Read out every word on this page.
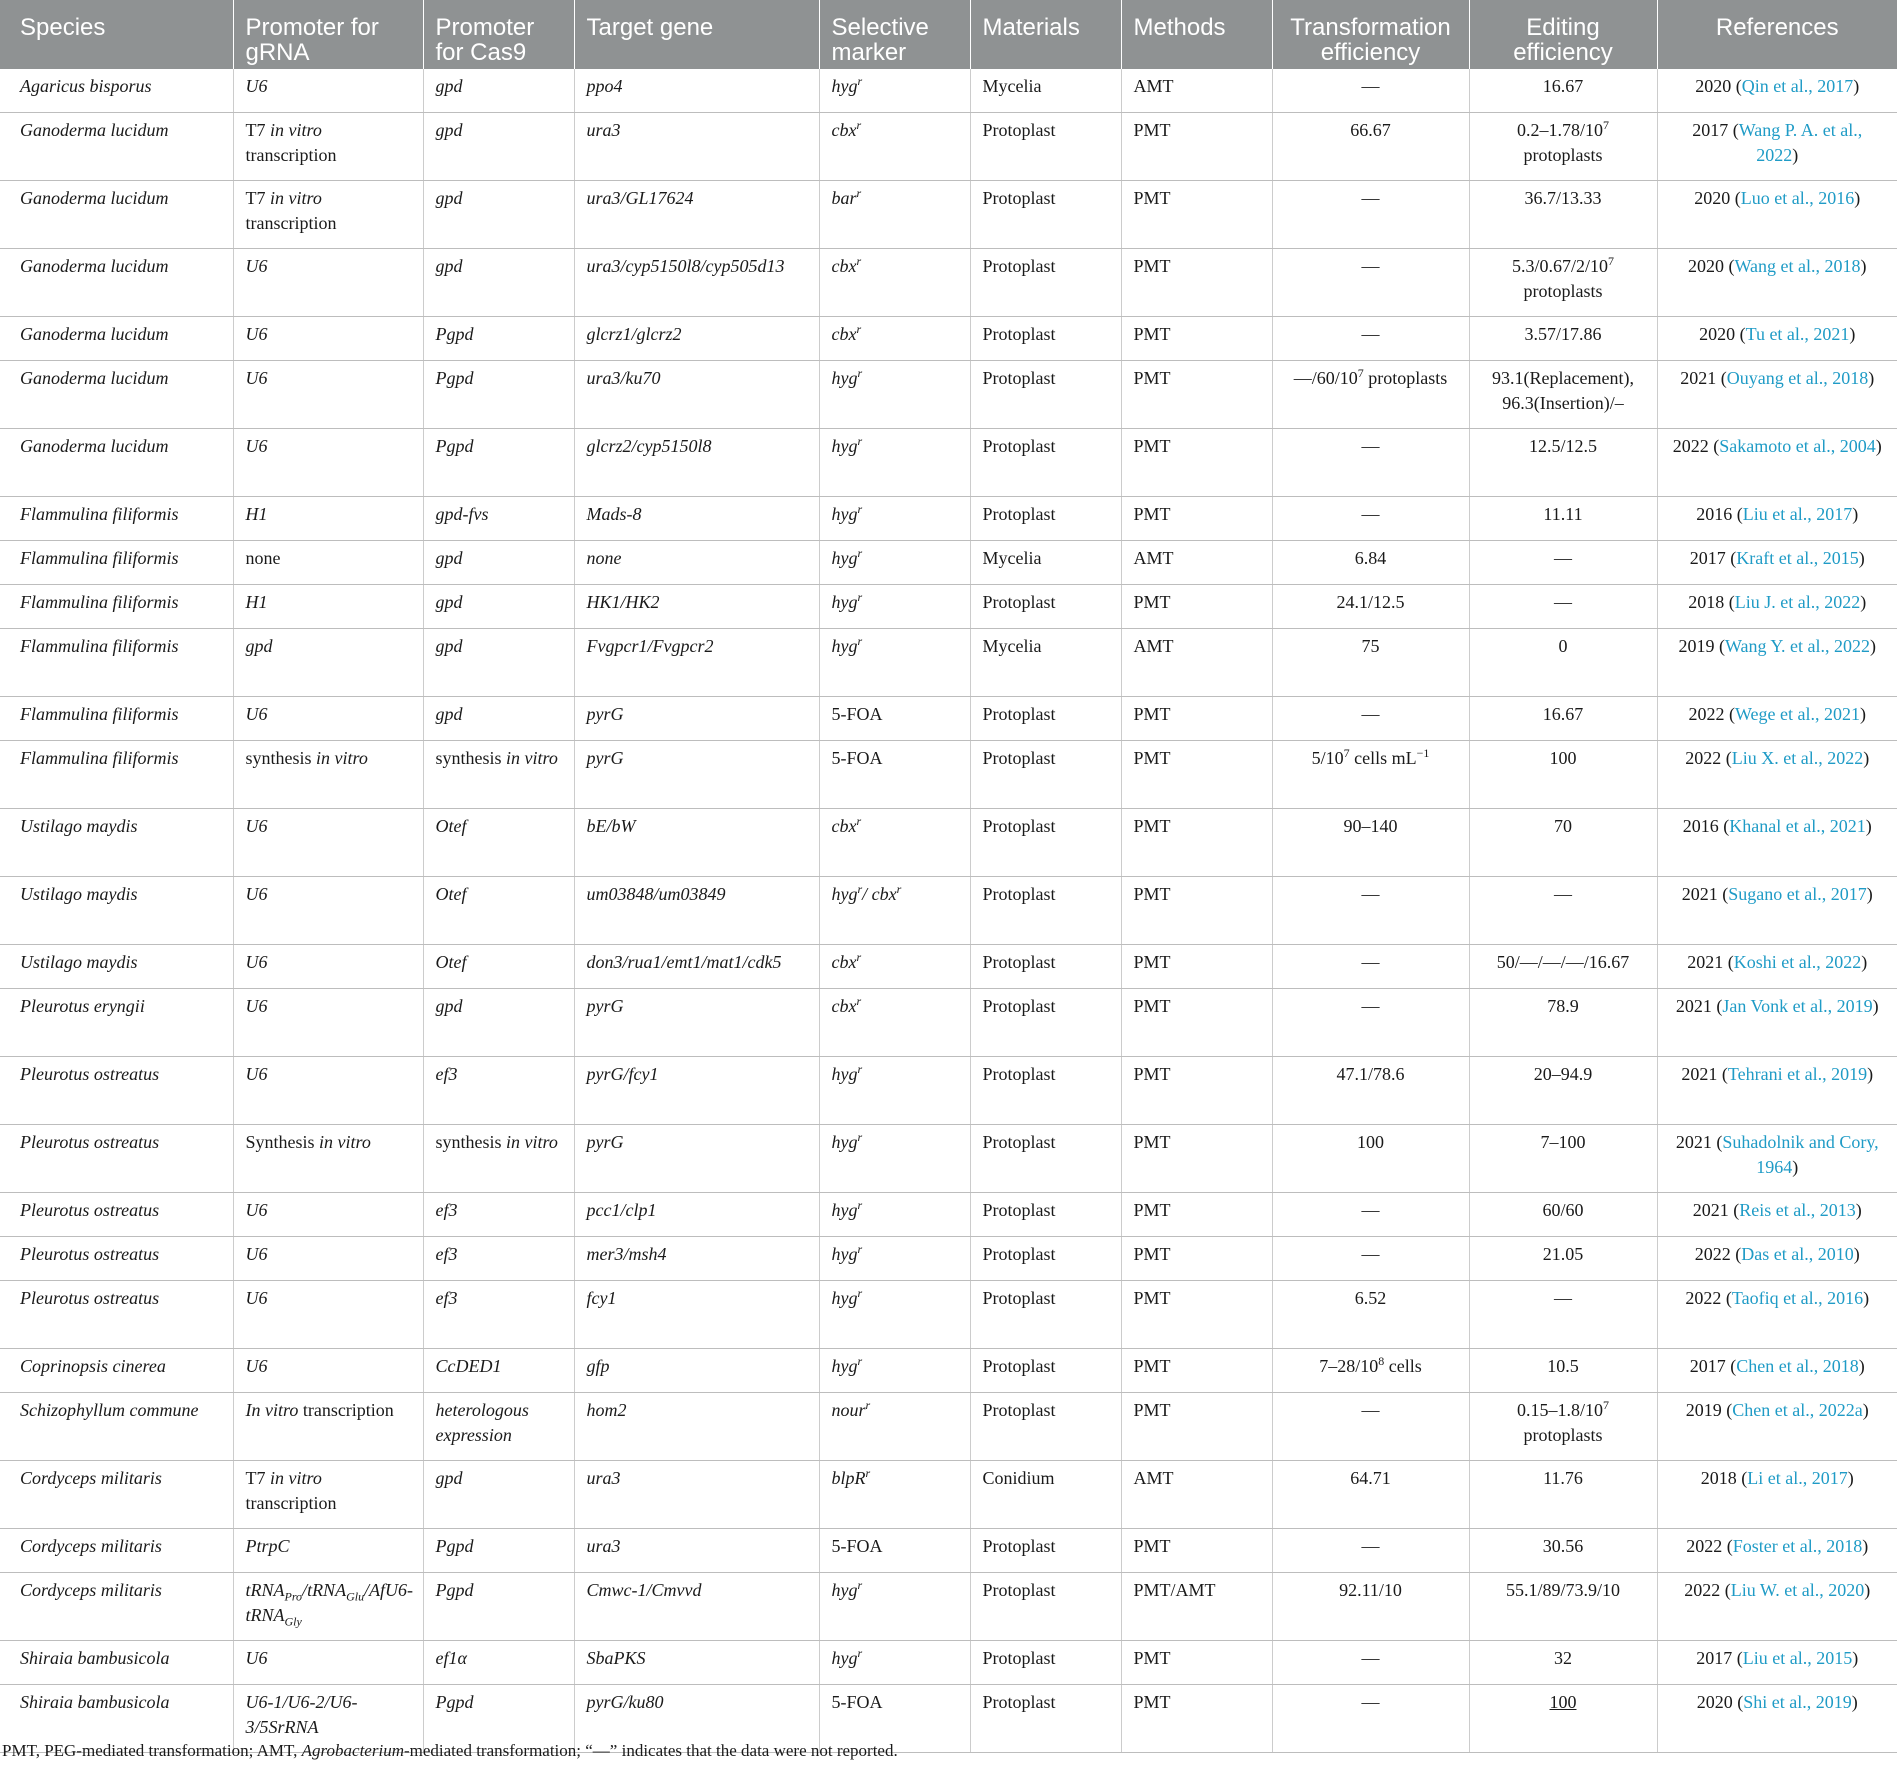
Species	Promoter for gRNA	Promoter for Cas9	Target gene	Selective marker	Materials	Methods	Transformation efficiency	Editing efficiency	References
Agaricus bisporus	U6	gpd	ppo4	hyg$^r$	Mycelia	AMT	—	16.67	2020 (Qin et al., 2017)
Ganoderma lucidum	T7 in vitro transcription	gpd	ura3	cbx$^r$	Protoplast	PMT	66.67	$0.2-1.78/10^7$ protoplasts	2017 (Wang P. A. et al., 2022)
Ganoderma lucidum	T7 in vitro transcription	gpd	ura3/GL17624	bar$^r$	Protoplast	PMT	—	36.7/13.33	2020 (Luo et al., 2016)
Ganoderma lucidum	U6	gpd	ura3/cyp5150l8/cyp505d13	cbx$^r$	Protoplast	PMT	—	$5.3/0.67/2/10^7$ protoplasts	2020 (Wang et al., 2018)
Ganoderma lucidum	U6	Pgpd	glcrz1/glcrz2	cbx$^r$	Protoplast	PMT	—	3.57/17.86	2020 (Tu et al., 2021)
Ganoderma lucidum	U6	Pgpd	ura3/ku70	hyg$^r$	Protoplast	PMT	$—/60/10^7$ protoplasts	93.1(Replacement), 96.3(Insertion)/–	2021 (Ouyang et al., 2018)
Ganoderma lucidum	U6	Pgpd	glcrz2/cyp5150l8	hyg$^r$	Protoplast	PMT	—	12.5/12.5	2022 (Sakamoto et al., 2004)
Flammulina filiformis	H1	gpd-fvs	Mads-8	hyg$^r$	Protoplast	PMT	—	11.11	2016 (Liu et al., 2017)
Flammulina filiformis	none	gpd	none	hyg$^r$	Mycelia	AMT	6.84	—	2017 (Kraft et al., 2015)
Flammulina filiformis	H1	gpd	HK1/HK2	hyg$^r$	Protoplast	PMT	24.1/12.5	—	2018 (Liu J. et al., 2022)
Flammulina filiformis	gpd	gpd	Fvgpcr1/Fvgpcr2	hyg$^r$	Mycelia	AMT	75	0	2019 (Wang Y. et al., 2022)
Flammulina filiformis	U6	gpd	pyrG	5-FOA	Protoplast	PMT	—	16.67	2022 (Wege et al., 2021)
Flammulina filiformis	synthesis in vitro	synthesis in vitro	pyrG	5-FOA	Protoplast	PMT	$5/10^7$ cells $mL^{-1}$	100	2022 (Liu X. et al., 2022)
Ustilago maydis	U6	Otef	bE/bW	cbx$^r$	Protoplast	PMT	90–140	70	2016 (Khanal et al., 2021)
Ustilago maydis	U6	Otef	um03848/um03849	hyg$^r$/ cbx$^r$	Protoplast	PMT	—	—	2021 (Sugano et al., 2017)
Ustilago maydis	U6	Otef	don3/rua1/emt1/mat1/cdk5	cbx$^r$	Protoplast	PMT	—	50/—/—/—/16.67	2021 (Koshi et al., 2022)
Pleurotus eryngii	U6	gpd	pyrG	cbx$^r$	Protoplast	PMT	—	78.9	2021 (Jan Vonk et al., 2019)
Pleurotus ostreatus	U6	ef3	pyrG/fcy1	hyg$^r$	Protoplast	PMT	47.1/78.6	20–94.9	2021 (Tehrani et al., 2019)
Pleurotus ostreatus	Synthesis in vitro	synthesis in vitro	pyrG	hyg$^r$	Protoplast	PMT	100	7–100	2021 (Suhadolnik and Cory, 1964)
Pleurotus ostreatus	U6	ef3	pcc1/clp1	hyg$^r$	Protoplast	PMT	—	60/60	2021 (Reis et al., 2013)
Pleurotus ostreatus	U6	ef3	mer3/msh4	hyg$^r$	Protoplast	PMT	—	21.05	2022 (Das et al., 2010)
Pleurotus ostreatus	U6	ef3	fcy1	hyg$^r$	Protoplast	PMT	6.52	—	2022 (Taofiq et al., 2016)
Coprinopsis cinerea	U6	CcDED1	gfp	hyg$^r$	Protoplast	PMT	$7-28/10^8$ cells	10.5	2017 (Chen et al., 2018)
Schizophyllum commune	In vitro transcription	heterologous expression	hom2	nour$^r$	Protoplast	PMT	—	$0.15-1.8/10^7$ protoplasts	2019 (Chen et al., 2022a)
Cordyceps militaris	T7 in vitro transcription	gpd	ura3	blpR$^r$	Conidium	AMT	64.71	11.76	2018 (Li et al., 2017)
Cordyceps militaris	PtrpC	Pgpd	ura3	5-FOA	Protoplast	PMT	—	30.56	2022 (Foster et al., 2018)
Cordyceps militaris	tRNA$_{Pro}$/tRNA$_{Glu}$/AfU6-tRNA$_{Gly}$	Pgpd	Cmwc-1/Cmvvd	hyg$^r$	Protoplast	PMT/AMT	92.11/10	55.1/89/73.9/10	2022 (Liu W. et al., 2020)
Shiraia bambusicola	U6	ef1α	SbaPKS	hyg$^r$	Protoplast	PMT	—	32	2017 (Liu et al., 2015)
Shiraia bambusicola	U6-1/U6-2/U6-3/5SrRNA	Pgpd	pyrG/ku80	5-FOA	Protoplast	PMT	—	100	2020 (Shi et al., 2019)
PMT, PEG-mediated transformation; AMT, Agrobacterium-mediated transformation; “—” indicates that the data were not reported.
